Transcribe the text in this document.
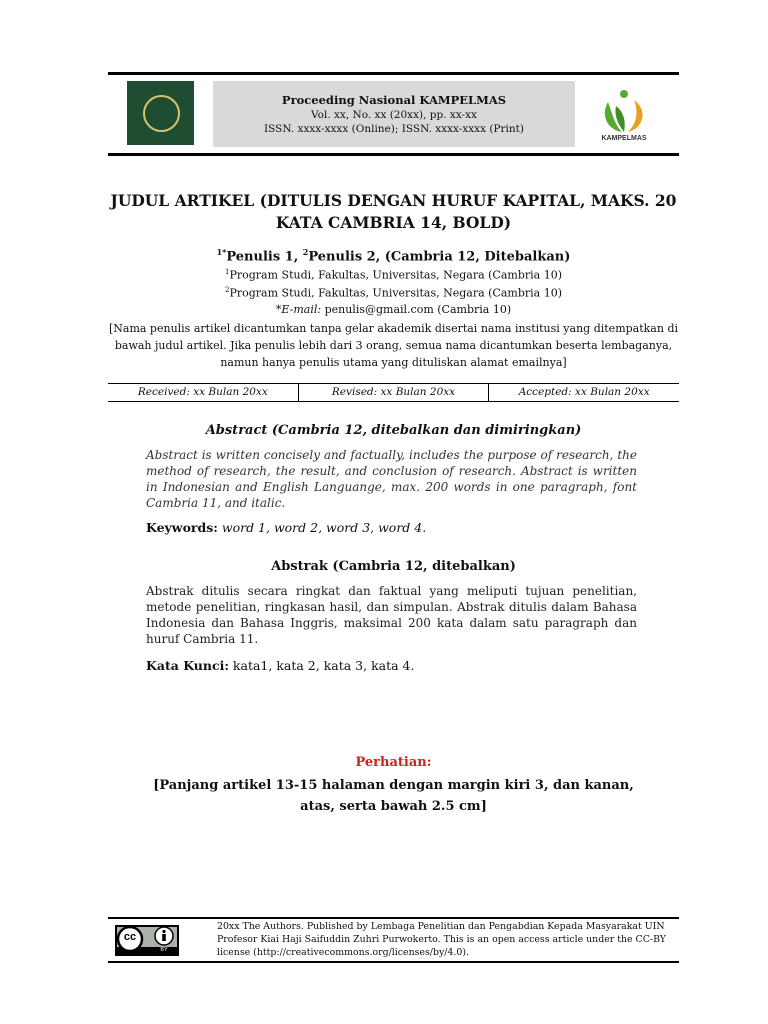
Proceeding Nasional KAMPELMAS
Vol. xx, No. xx (20xx), pp. xx-xx
ISSN. xxxx-xxxx (Online); ISSN. xxxx-xxxx (Print)
KAMPELMAS
JUDUL ARTIKEL (DITULIS DENGAN HURUF KAPITAL, MAKS. 20 KATA CAMBRIA 14, BOLD)
$^{1*}$Penulis 1, $^2$Penulis 2, (Cambria 12, Ditebalkan)
$^1$Program Studi, Fakultas, Universitas, Negara (Cambria 10)
$^2$Program Studi, Fakultas, Universitas, Negara (Cambria 10)
*E-mail: penulis@gmail.com (Cambria 10)
[Nama penulis artikel dicantumkan tanpa gelar akademik disertai nama institusi yang ditempatkan di bawah judul artikel. Jika penulis lebih dari 3 orang, semua nama dicantumkan beserta lembaganya, namun hanya penulis utama yang dituliskan alamat emailnya]
Received: xx Bulan 20xx	Revised: xx Bulan 20xx	Accepted: xx Bulan 20xx
Abstract (Cambria 12, ditebalkan dan dimiringkan)
Abstract is written concisely and factually, includes the purpose of research, the method of research, the result, and conclusion of research. Abstract is written in Indonesian and English Languange, max. 200 words in one paragraph, font Cambria 11, and italic.
Keywords: word 1, word 2, word 3, word 4.
Abstrak (Cambria 12, ditebalkan)
Abstrak ditulis secara ringkat dan faktual yang meliputi tujuan penelitian, metode penelitian, ringkasan hasil, dan simpulan. Abstrak ditulis dalam Bahasa Indonesia dan Bahasa Inggris, maksimal 200 kata dalam satu paragraph dan huruf Cambria 11.
Kata Kunci: kata1, kata 2, kata 3, kata 4.
Perhatian:
[Panjang artikel 13-15 halaman dengan margin kiri 3, dan kanan, atas, serta bawah 2.5 cm]
cc
BY
20xx The Authors. Published by Lembaga Penelitian dan Pengabdian Kepada Masyarakat UIN Profesor Kiai Haji Saifuddin Zuhri Purwokerto. This is an open access article under the CC-BY license (http://creativecommons.org/licenses/by/4.0).
